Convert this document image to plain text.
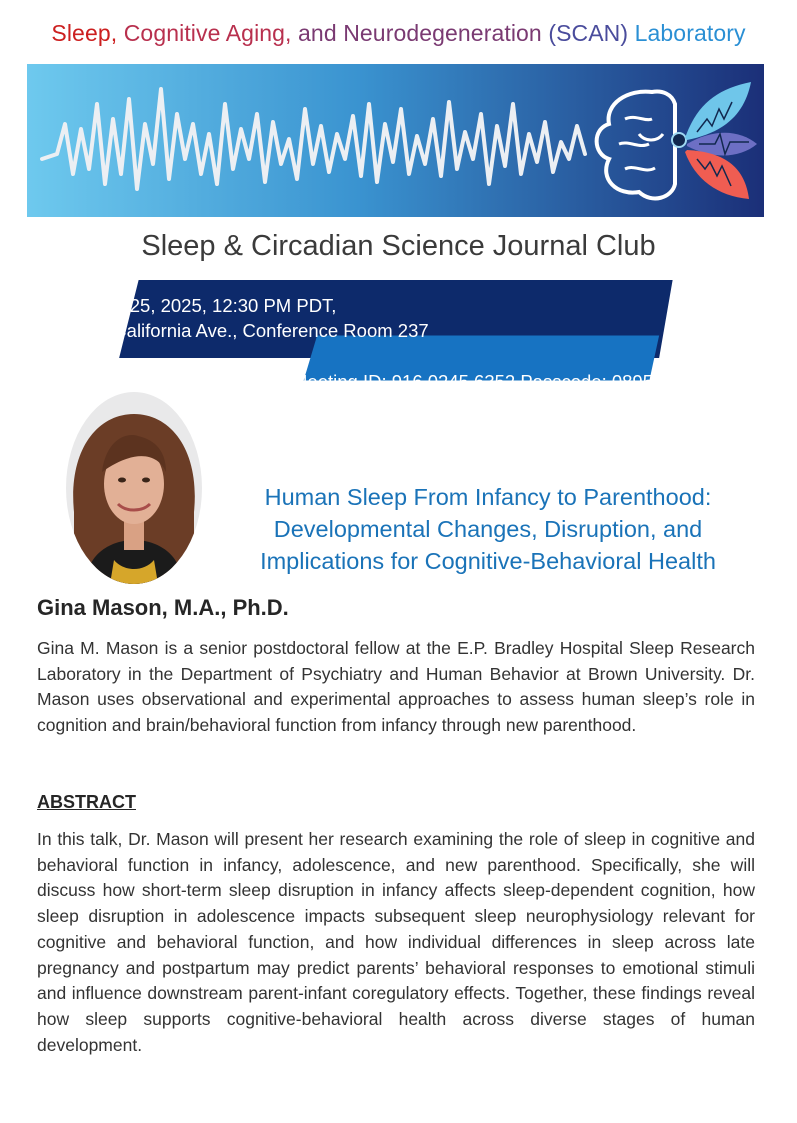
Sleep, Cognitive Aging, and Neurodegeneration (SCAN) Laboratory
Sleep & Circadian Science Journal Club
August 25, 2025, 12:30 PM PDT,
5141 California Ave., Conference Room 237
Meeting ID: 916 0245 6352 Passcode: 089502
Human Sleep From Infancy to Parenthood:
Developmental Changes, Disruption, and
Implications for Cognitive-Behavioral Health
Gina Mason, M.A., Ph.D.

Gina M. Mason is a senior postdoctoral fellow at the E.P. Bradley Hospital Sleep Research Laboratory in the Department of Psychiatry and Human Behavior at Brown University. Dr. Mason uses observational and experimental approaches to assess human sleep’s role in cognition and brain/behavioral function from infancy through new parenthood.

ABSTRACT

In this talk, Dr. Mason will present her research examining the role of sleep in cognitive and behavioral function in infancy, adolescence, and new parenthood. Specifically, she will discuss how short-term sleep disruption in infancy affects sleep-dependent cognition, how sleep disruption in adolescence impacts subsequent sleep neurophysiology relevant for cognitive and behavioral function, and how individual differences in sleep across late pregnancy and postpartum may predict parents’ behavioral responses to emotional stimuli and influence downstream parent-infant coregulatory effects. Together, these findings reveal how sleep supports cognitive-behavioral health across diverse stages of human development.
